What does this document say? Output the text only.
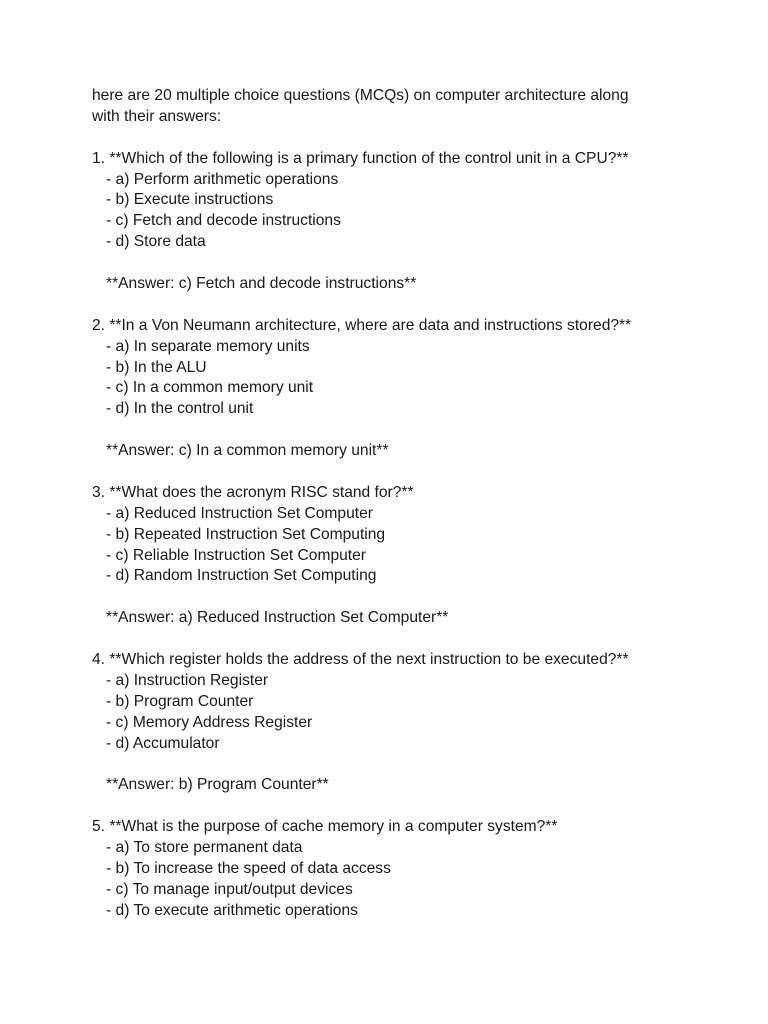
here are 20 multiple choice questions (MCQs) on computer architecture along
with their answers:
1. **Which of the following is a primary function of the control unit in a CPU?**
- a) Perform arithmetic operations
- b) Execute instructions
- c) Fetch and decode instructions
- d) Store data
**Answer: c) Fetch and decode instructions**
2. **In a Von Neumann architecture, where are data and instructions stored?**
- a) In separate memory units
- b) In the ALU
- c) In a common memory unit
- d) In the control unit
**Answer: c) In a common memory unit**
3. **What does the acronym RISC stand for?**
- a) Reduced Instruction Set Computer
- b) Repeated Instruction Set Computing
- c) Reliable Instruction Set Computer
- d) Random Instruction Set Computing
**Answer: a) Reduced Instruction Set Computer**
4. **Which register holds the address of the next instruction to be executed?**
- a) Instruction Register
- b) Program Counter
- c) Memory Address Register
- d) Accumulator
**Answer: b) Program Counter**
5. **What is the purpose of cache memory in a computer system?**
- a) To store permanent data
- b) To increase the speed of data access
- c) To manage input/output devices
- d) To execute arithmetic operations
